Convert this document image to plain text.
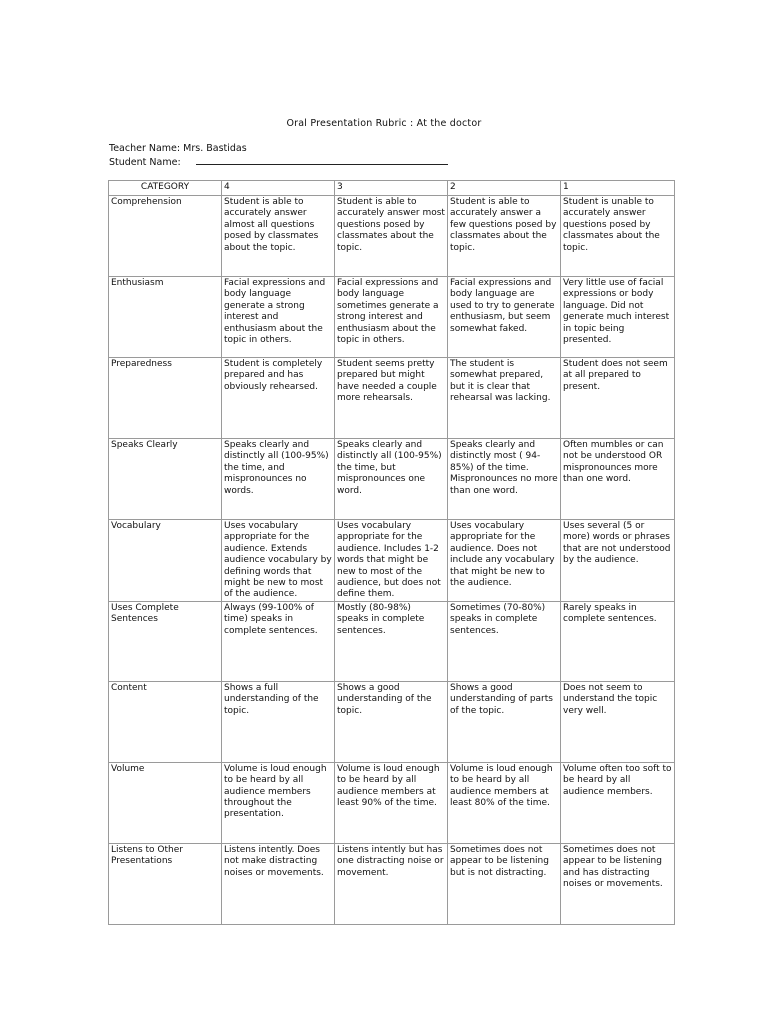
Oral Presentation Rubric : At the doctor
Teacher Name: Mrs. Bastidas
Student Name:
CATEGORY	4	3	2	1
Comprehension	Student is able to accurately answer almost all questions posed by classmates about the topic.	Student is able to accurately answer most questions posed by classmates about the topic.	Student is able to accurately answer a few questions posed by classmates about the topic.	Student is unable to accurately answer questions posed by classmates about the topic.
Enthusiasm	Facial expressions and body language generate a strong interest and enthusiasm about the topic in others.	Facial expressions and body language sometimes generate a strong interest and enthusiasm about the topic in others.	Facial expressions and body language are used to try to generate enthusiasm, but seem somewhat faked.	Very little use of facial expressions or body language. Did not generate much interest in topic being presented.
Preparedness	Student is completely prepared and has obviously rehearsed.	Student seems pretty prepared but might have needed a couple more rehearsals.	The student is somewhat prepared, but it is clear that rehearsal was lacking.	Student does not seem at all prepared to present.
Speaks Clearly	Speaks clearly and distinctly all (100-95%) the time, and mispronounces no words.	Speaks clearly and distinctly all (100-95%) the time, but mispronounces one word.	Speaks clearly and distinctly most ( 94-85%) of the time. Mispronounces no more than one word.	Often mumbles or can not be understood OR mispronounces more than one word.
Vocabulary	Uses vocabulary appropriate for the audience. Extends audience vocabulary by defining words that might be new to most of the audience.	Uses vocabulary appropriate for the audience. Includes 1-2 words that might be new to most of the audience, but does not define them.	Uses vocabulary appropriate for the audience. Does not include any vocabulary that might be new to the audience.	Uses several (5 or more) words or phrases that are not understood by the audience.
Uses Complete Sentences	Always (99-100% of time) speaks in complete sentences.	Mostly (80-98%) speaks in complete sentences.	Sometimes (70-80%) speaks in complete sentences.	Rarely speaks in complete sentences.
Content	Shows a full understanding of the topic.	Shows a good understanding of the topic.	Shows a good understanding of parts of the topic.	Does not seem to understand the topic very well.
Volume	Volume is loud enough to be heard by all audience members throughout the presentation.	Volume is loud enough to be heard by all audience members at least 90% of the time.	Volume is loud enough to be heard by all audience members at least 80% of the time.	Volume often too soft to be heard by all audience members.
Listens to Other Presentations	Listens intently. Does not make distracting noises or movements.	Listens intently but has one distracting noise or movement.	Sometimes does not appear to be listening but is not distracting.	Sometimes does not appear to be listening and has distracting noises or movements.
